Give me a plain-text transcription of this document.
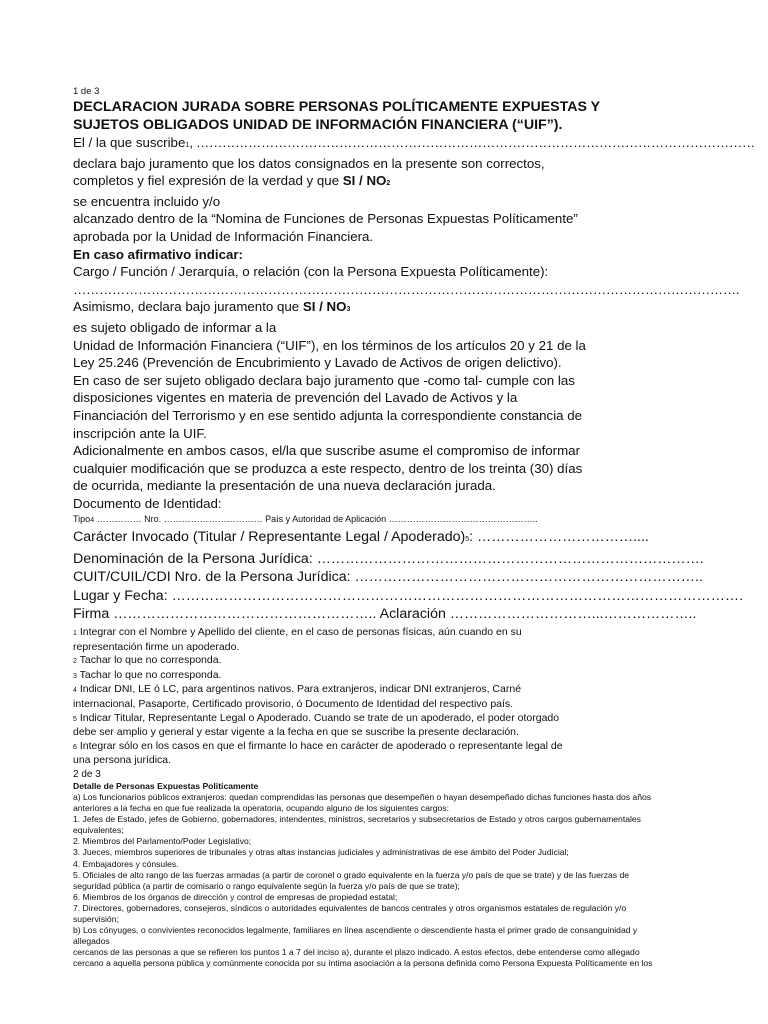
1 de 3

DECLARACION JURADA SOBRE PERSONAS POLÍTICAMENTE EXPUESTAS Y

SUJETOS OBLIGADOS UNIDAD DE INFORMACIÓN FINANCIERA (“UIF”).

El / la que suscribe1, …………………………………………………………………………………………………………………

declara bajo juramento que los datos consignados en la presente son correctos,

completos y fiel expresión de la verdad y que SI / NO2

se encuentra incluido y/o

alcanzado dentro de la “Nomina de Funciones de Personas Expuestas Políticamente”

aprobada por la Unidad de Información Financiera.

En caso afirmativo indicar:

Cargo / Función / Jerarquía, o relación (con la Persona Expuesta Políticamente):

……………………………………………………………………………………………………………………………………….

Asimismo, declara bajo juramento que SI / NO3

es sujeto obligado de informar a la

Unidad de Información Financiera (“UIF”), en los términos de los artículos 20 y 21 de la

Ley 25.246 (Prevención de Encubrimiento y Lavado de Activos de origen delictivo).

En caso de ser sujeto obligado declara bajo juramento que -como tal- cumple con las

disposiciones vigentes en materia de prevención del Lavado de Activos y la

Financiación del Terrorismo y en ese sentido adjunta la correspondiente constancia de

inscripción ante la UIF.

Adicionalmente en ambos casos, el/la que suscribe asume el compromiso de informar

cualquier modificación que se produzca a este respecto, dentro de los treinta (30) días

de ocurrida, mediante la presentación de una nueva declaración jurada.

Documento de Identidad:

Tipo4 …………… Nro. …………………………… País y Autoridad de Aplicación …………………………………………..

Carácter Invocado (Titular / Representante Legal / Apoderado)5: ……………………………....

Denominación de la Persona Jurídica: ……………………………………………………………………….

CUIT/CUIL/CDI Nro. de la Persona Jurídica: ………………………………………………………………..

Lugar y Fecha: ………………………………………………………………………………………………………….

Firma ……………………………………………….. Aclaración …………………………...………………..

1 Integrar con el Nombre y Apellido del cliente, en el caso de personas físicas, aún cuando en su

representación firme un apoderado.

2 Tachar lo que no corresponda.

3 Tachar lo que no corresponda.

4 Indicar DNI, LE ó LC, para argentinos nativos. Para extranjeros, indicar DNI extranjeros, Carné

internacional, Pasaporte, Certificado provisorio, ó Documento de Identidad del respectivo país.

5 Indicar Titular, Representante Legal o Apoderado. Cuando se trate de un apoderado, el poder otorgado

debe ser amplio y general y estar vigente a la fecha en que se suscribe la presente declaración.

6 Integrar sólo en los casos en que el firmante lo hace en carácter de apoderado o representante legal de

una persona jurídica.

2 de 3

Detalle de Personas Expuestas Politicamente

a) Los funcionarios públicos extranjeros: quedan comprendidas las personas que desempeñen o hayan desempeñado dichas funciones hasta dos años

anteriores a la fecha en que fue realizada la operatoria, ocupando alguno de los siguientes cargos:

1. Jefes de Estado, jefes de Gobierno, gobernadores, intendentes, ministros, secretarios y subsecretarios de Estado y otros cargos gubernamentales

equivalentes;

2. Miembros del Parlamento/Poder Legislativo;

3. Jueces, miembros superiores de tribunales y otras altas instancias judiciales y administrativas de ese ámbito del Poder Judicial;

4. Embajadores y cónsules.

5. Oficiales de alto rango de las fuerzas armadas (a partir de coronel o grado equivalente en la fuerza y/o país de que se trate) y de las fuerzas de

seguridad pública (a partir de comisario o rango equivalente según la fuerza y/o país de que se trate);

6. Miembros de los órganos de dirección y control de empresas de propiedad estatal;

7. Directores, gobernadores, consejeros, síndicos o autoridades equivalentes de bancos centrales y otros organismos estatales de regulación y/o

supervisión;

b) Los cónyuges, o convivientes reconocidos legalmente, familiares en línea ascendiente o descendiente hasta el primer grado de consanguinidad y

allegados

cercanos de las personas a que se refieren los puntos 1 a 7 del inciso a), durante el plazo indicado. A estos efectos, debe entenderse como allegado

cercano a aquella persona pública y comúnmente conocida por su íntima asociación a la persona definida como Persona Expuesta Políticamente en los
